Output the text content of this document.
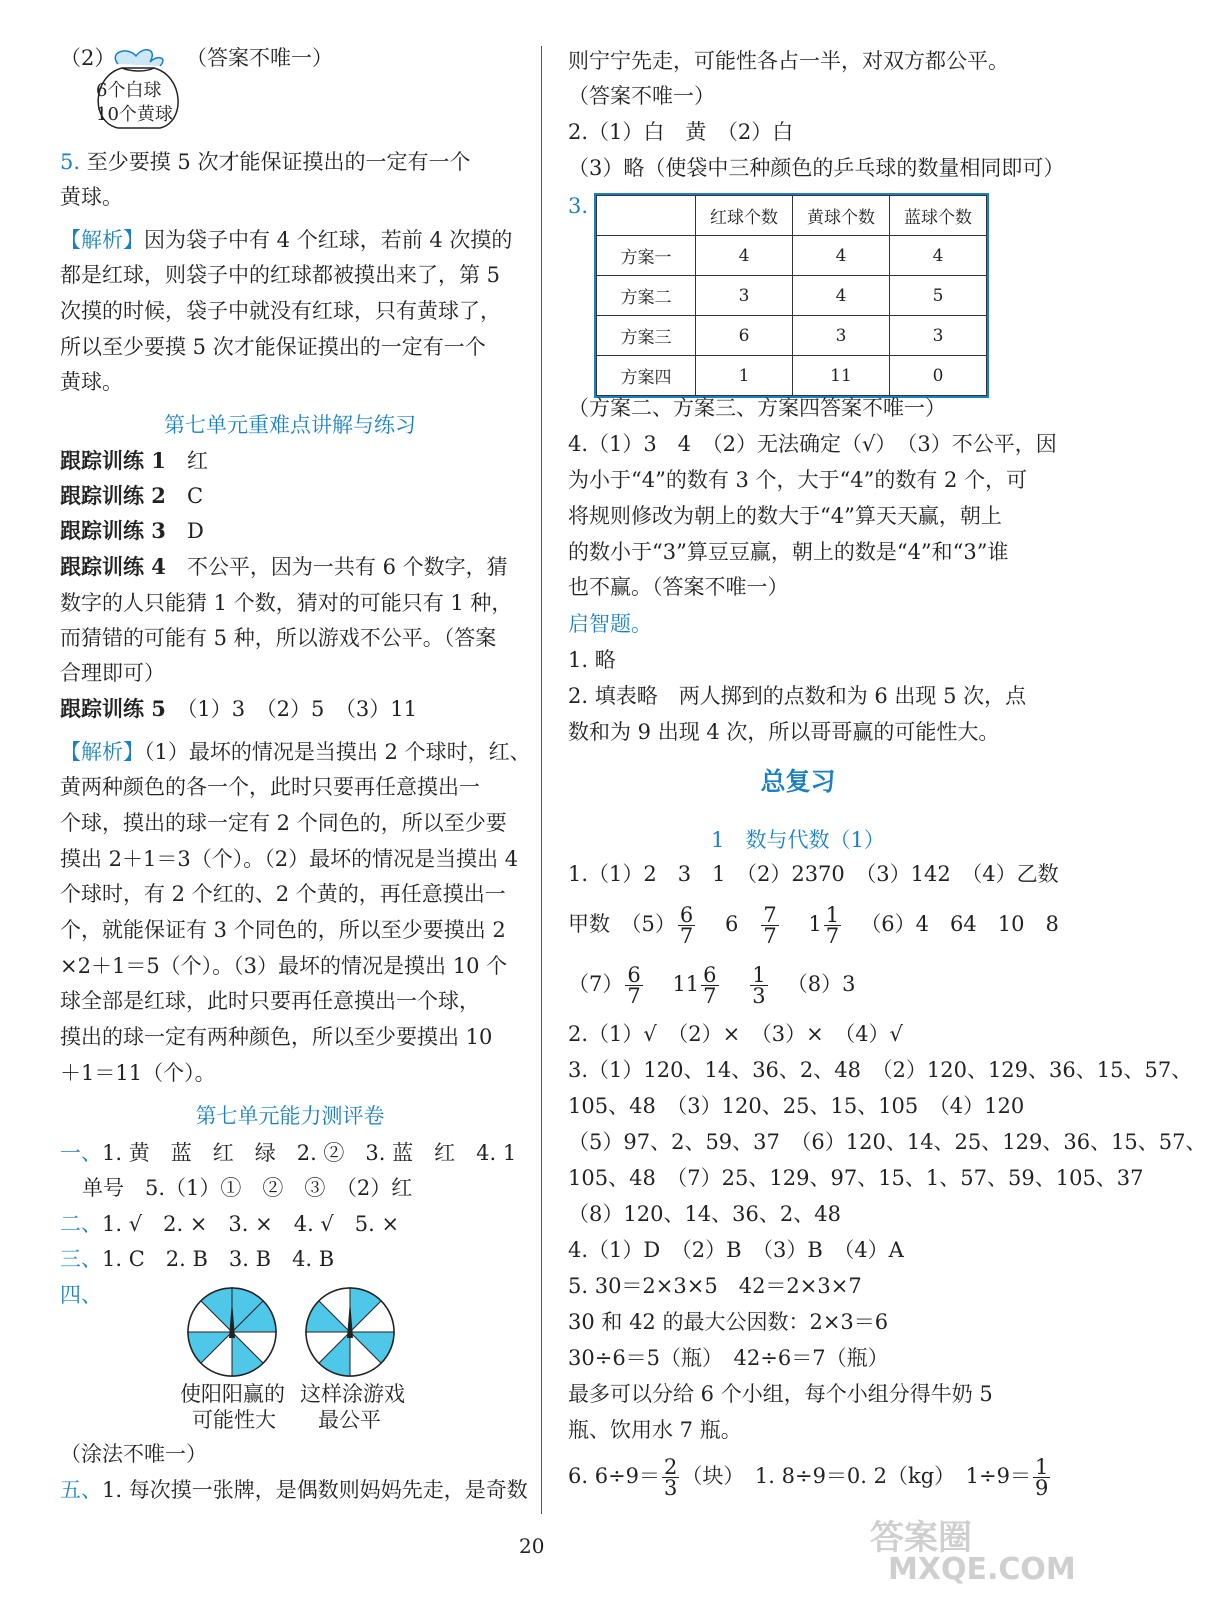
（2）	（答案不唯一）
6个白球
10个黄球
5. 至少要摸 5 次才能保证摸出的一定有一个
黄球。
【解析】因为袋子中有 4 个红球，若前 4 次摸的
都是红球，则袋子中的红球都被摸出来了，第 5
次摸的时候，袋子中就没有红球，只有黄球了，
所以至少要摸 5 次才能保证摸出的一定有一个
黄球。
第七单元重难点讲解与练习
跟踪训练 1　 红
跟踪训练 2　 C
跟踪训练 3　 D
跟踪训练 4　 不公平，因为一共有 6 个数字，猜
数字的人只能猜 1 个数，猜对的可能只有 1 种，
而猜错的可能有 5 种，所以游戏不公平。（答案
合理即可）
跟踪训练 5　 （1）3　（2）5　（3）11
【解析】（1）最坏的情况是当摸出 2 个球时，红、
黄两种颜色的各一个，此时只要再任意摸出一
个球，摸出的球一定有 2 个同色的，所以至少要
摸出 2＋1＝3（个）。（2）最坏的情况是当摸出 4
个球时，有 2 个红的、2 个黄的，再任意摸出一
个，就能保证有 3 个同色的，所以至少要摸出 2
×2＋1＝5（个）。（3）最坏的情况是摸出 10 个
球全部是红球，此时只要再任意摸出一个球，
摸出的球一定有两种颜色，所以至少要摸出 10
＋1＝11（个）。
第七单元能力测评卷
一、1. 黄　蓝　红　绿　2. ②　3. 蓝　红　4. 1
单号　5.（1）①　②　③　（2）红
二、1. √　2. ×　3. ×　4. √　5. ×
三、1. C　2. B　3. B　4. B
四、
使阳阳赢的
可能性大
这样涂游戏
最公平
（涂法不唯一）
五、1. 每次摸一张牌，是偶数则妈妈先走，是奇数
则宁宁先走，可能性各占一半，对双方都公平。
（答案不唯一）
2.（1）白　黄　（2）白
（3）略（使袋中三种颜色的乒乓球的数量相同即可）
3.
		红球个数	黄球个数	蓝球个数
方案一	4	4	4
方案二	3	4	5
方案三	6	3	3
方案四	1	11	0
（方案二、方案三、方案四答案不唯一）
4.（1）3　4　（2）无法确定（√）　（3）不公平，因
为小于“4”的数有 3 个，大于“4”的数有 2 个，可
将规则修改为朝上的数大于“4”算天天赢，朝上
的数小于“3”算豆豆赢，朝上的数是“4”和“3”谁
也不赢。（答案不唯一）
启智题。
1. 略
2. 填表略　两人掷到的点数和为 6 出现 5 次，点
数和为 9 出现 4 次，所以哥哥赢的可能性大。
总复习
1　数与代数（1）
1.（1）2　3　1　（2）2370　（3）142　（4）乙数
甲数　$(5) \frac{6}{7}$
　 6　 $\frac{7}{7}$
　 $1 \frac{1}{7}$
　 （6）4　64　10　8
$(7) \frac{6}{7}$
　 $11 \frac{6}{7}$
　 $\frac{1}{3}$
　 （8）3
2.（1）√　（2）×　（3）×　（4）√
3.（1）120、14、36、2、48　（2）120、129、36、15、57、
105、48　（3）120、25、15、105　（4）120
（5）97、2、59、37　（6）120、14、25、129、36、15、57、
105、48　（7）25、129、97、15、1、57、59、105、37
（8）120、14、36、2、48
4.（1）D　（2）B　（3）B　（4）A
5. 30＝2×3×5　42＝2×3×7
30 和 42 的最大公因数：2×3＝6
30÷6＝5（瓶）　42÷6＝7（瓶）
最多可以分给 6 个小组，每个小组分得牛奶 5
瓶、饮用水 7 瓶。
6. $6\div 9= \frac{2}{3}$ （块）　1. 8÷9＝0. 2（kg）　$1\div 9= \frac{1}{9}$
20	答案圈
MXQE.COM
